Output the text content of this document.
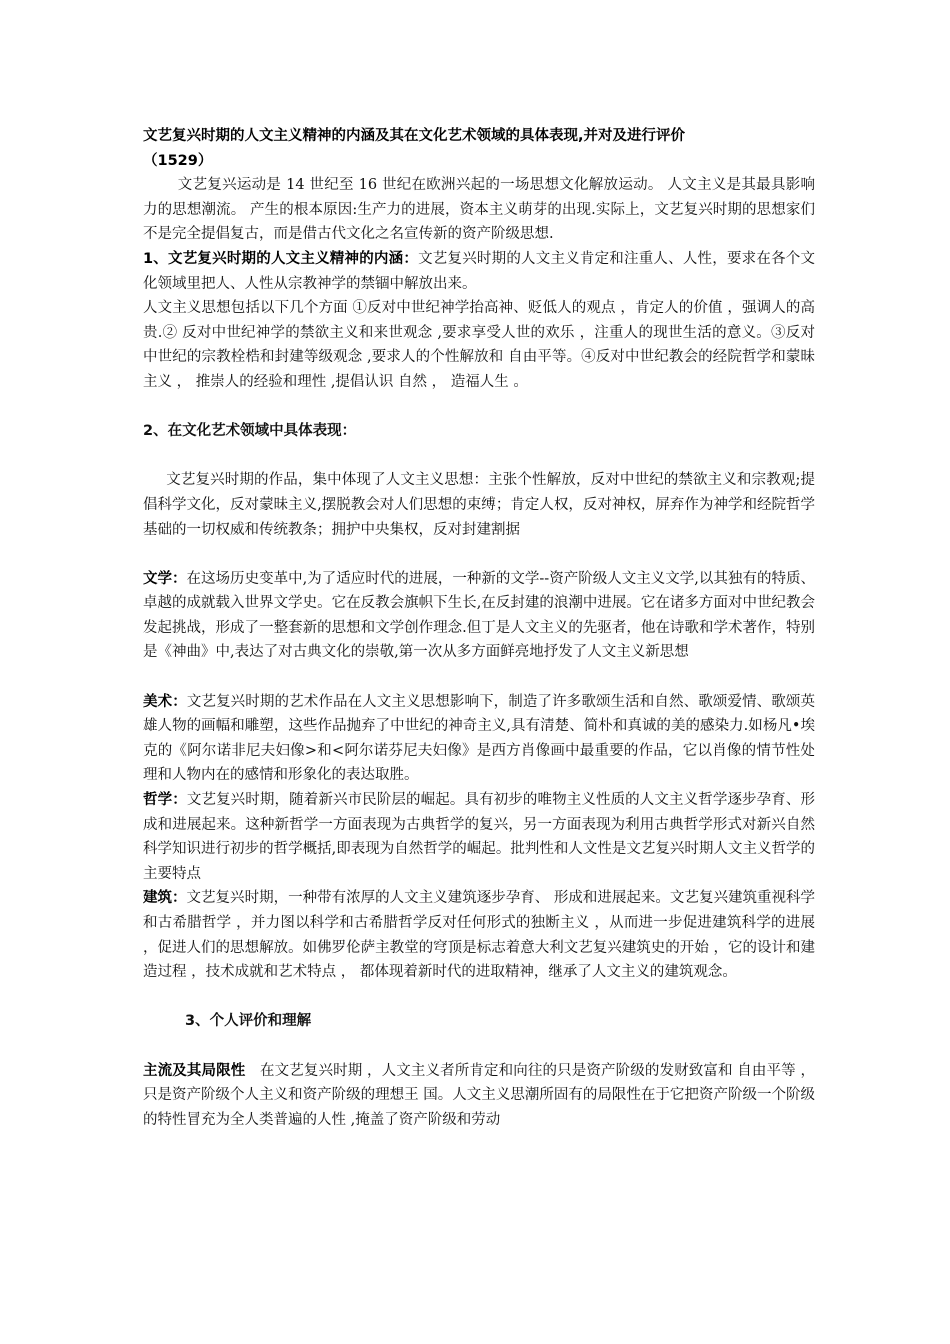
文艺复兴时期的人文主义精神的内涵及其在文化艺术领域的具体表现,并对及进行评价
（1529）

文艺复兴运动是 14 世纪至 16 世纪在欧洲兴起的一场思想文化解放运动。 人文主义是其最具影响力的思想潮流。 产生的根本原因:生产力的进展，资本主义萌芽的出现.实际上，文艺复兴时期的思想家们不是完全提倡复古，而是借古代文化之名宣传新的资产阶级思想.

1、文艺复兴时期的人文主义精神的内涵：文艺复兴时期的人文主义肯定和注重人、人性，要求在各个文化领域里把人、人性从宗教神学的禁锢中解放出来。

人文主义思想包括以下几个方面 ①反对中世纪神学抬高神、贬低人的观点 ，肯定人的价值 ，强调人的高贵.② 反对中世纪神学的禁欲主义和来世观念 ,要求享受人世的欢乐 ，注重人的现世生活的意义。③反对中世纪的宗教栓梏和封建等级观念 ,要求人的个性解放和 自由平等。④反对中世纪教会的经院哲学和蒙昧主义 ， 推崇人的经验和理性 ,提倡认识 自然 ， 造福人生 。

2、在文化艺术领域中具体表现：

文艺复兴时期的作品，集中体现了人文主义思想：主张个性解放，反对中世纪的禁欲主义和宗教观;提倡科学文化，反对蒙昧主义,摆脱教会对人们思想的束缚；肯定人权，反对神权，屏弃作为神学和经院哲学基础的一切权威和传统教条；拥护中央集权，反对封建割据

文学：在这场历史变革中,为了适应时代的进展，一种新的文学--资产阶级人文主义文学,以其独有的特质、卓越的成就载入世界文学史。它在反教会旗帜下生长,在反封建的浪潮中进展。它在诸多方面对中世纪教会发起挑战，形成了一整套新的思想和文学创作理念.但丁是人文主义的先驱者，他在诗歌和学术著作，特别是《神曲》中,表达了对古典文化的崇敬,第一次从多方面鲜亮地抒发了人文主义新思想

美术：文艺复兴时期的艺术作品在人文主义思想影响下，制造了许多歌颂生活和自然、歌颂爱情、歌颂英雄人物的画幅和雕塑，这些作品抛弃了中世纪的神奇主义,具有清楚、简朴和真诚的美的感染力.如杨凡•埃克的《阿尔诺非尼夫妇像>和<阿尔诺芬尼夫妇像》是西方肖像画中最重要的作品，它以肖像的情节性处理和人物内在的感情和形象化的表达取胜。

哲学：文艺复兴时期，随着新兴市民阶层的崛起。具有初步的唯物主义性质的人文主义哲学逐步孕育、形成和进展起来。这种新哲学一方面表现为古典哲学的复兴，另一方面表现为利用古典哲学形式对新兴自然科学知识进行初步的哲学概括,即表现为自然哲学的崛起。批判性和人文性是文艺复兴时期人文主义哲学的主要特点

建筑：文艺复兴时期，一种带有浓厚的人文主义建筑逐步孕育、 形成和进展起来。文艺复兴建筑重视科学和古希腊哲学 ，并力图以科学和古希腊哲学反对任何形式的独断主义 ，从而进一步促进建筑科学的进展 ，促进人们的思想解放。如佛罗伦萨主教堂的穹顶是标志着意大利文艺复兴建筑史的开始 ，它的设计和建造过程 ，技术成就和艺术特点 ， 都体现着新时代的进取精神，继承了人文主义的建筑观念。

3、个人评价和理解

主流及其局限性　在文艺复兴时期 ，人文主义者所肯定和向往的只是资产阶级的发财致富和 自由平等 ， 只是资产阶级个人主义和资产阶级的理想王 国。人文主义思潮所固有的局限性在于它把资产阶级一个阶级的特性冒充为全人类普遍的人性 ,掩盖了资产阶级和劳动
